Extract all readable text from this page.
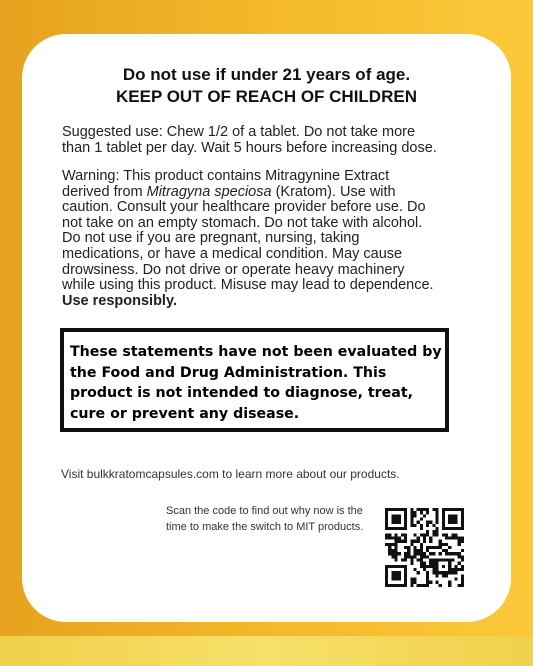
Do not use if under 21 years of age.
KEEP OUT OF REACH OF CHILDREN
Suggested use: Chew 1/2 of a tablet. Do not take more than 1 tablet per day. Wait 5 hours before increasing dose.
Warning: This product contains Mitragynine Extract derived from Mitragyna speciosa (Kratom). Use with caution. Consult your healthcare provider before use. Do not take on an empty stomach. Do not take with alcohol. Do not use if you are pregnant, nursing, taking medications, or have a medical condition. May cause drowsiness. Do not drive or operate heavy machinery while using this product. Misuse may lead to dependence.
Use responsibly.
These statements have not been evaluated by the Food and Drug Administration. This product is not intended to diagnose, treat, cure or prevent any disease.
Visit bulkkratomcapsules.com to learn more about our products.
Scan the code to find out why now is the time to make the switch to MIT products.
